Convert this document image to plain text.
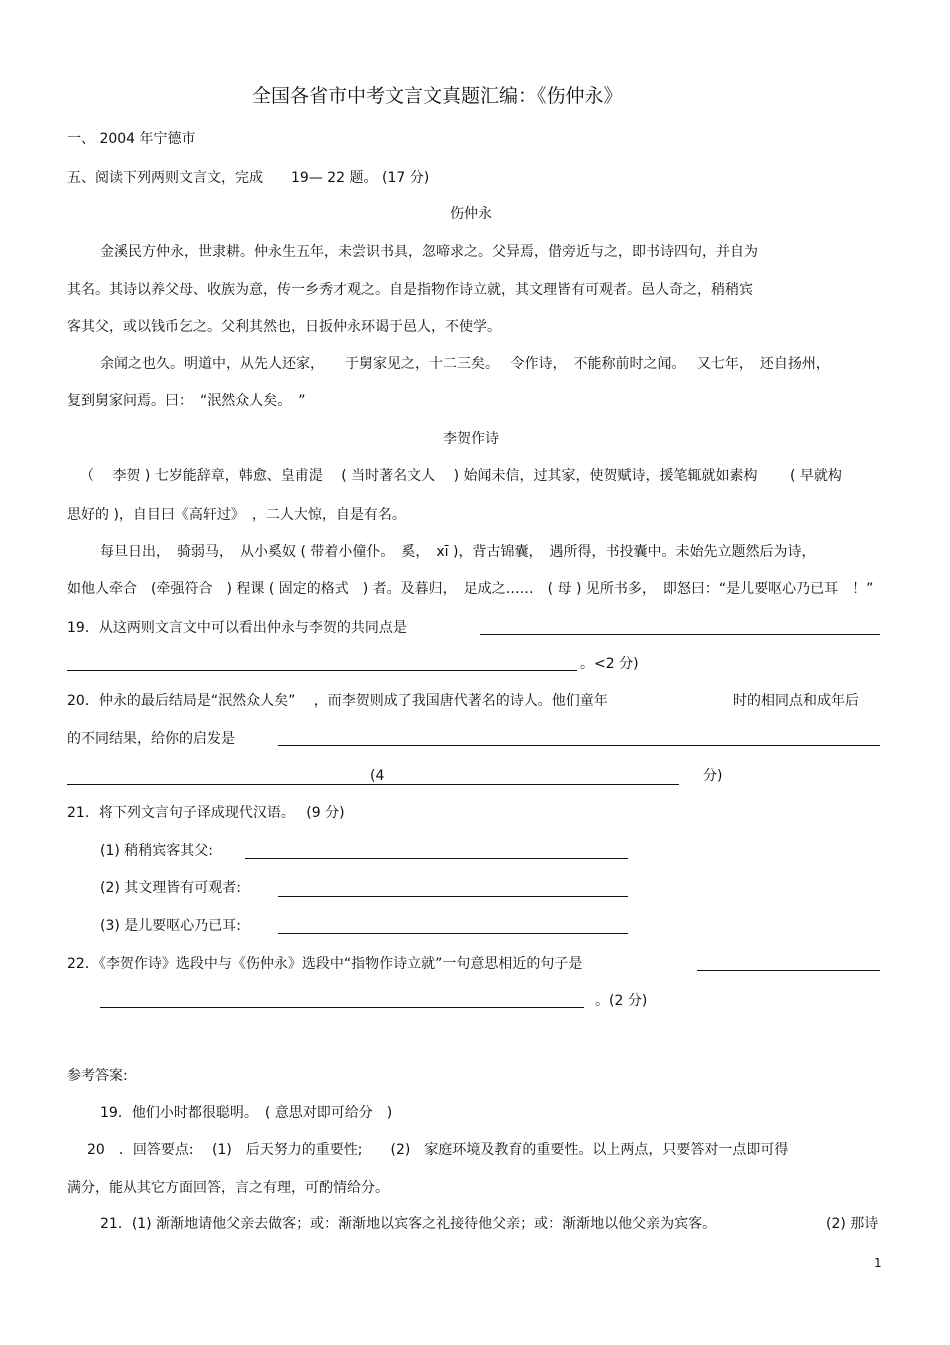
全国各省市中考文言文真题汇编：《伤仲永》
一、 2004 年宁德市
五、阅读下列两则文言文，完成　　19— 22 题。 (17 分)
伤仲永
金溪民方仲永，世隶耕。仲永生五年，未尝识书具，忽啼求之。父异焉，借旁近与之，即书诗四句，并自为
其名。其诗以养父母、收族为意，传一乡秀才观之。自是指物作诗立就，其文理皆有可观者。邑人奇之，稍稍宾
客其父，或以钱币乞之。父利其然也，日扳仲永环谒于邑人，不使学。
余闻之也久。明道中，从先人还家，　　于舅家见之，十二三矣。　 令作诗，　不能称前时之闻。　 又七年，　还自扬州，
复到舅家问焉。曰：　“泯然众人矣。　”
李贺作诗
（　 李贺 ) 七岁能辞章，韩愈、皇甫湜　 ( 当时著名文人　 ) 始闻未信，过其家，使贺赋诗，援笔辄就如素构　　 ( 早就构
思好的 )，自目曰《高轩过》　，二人大惊，自是有名。
每旦日出，　骑弱马，　从小奚奴 ( 带着小僮仆。　奚，　xī )，背古锦囊，　遇所得，书投囊中。未始先立题然后为诗，
如他人牵合　(牵强符合　) 程课 ( 固定的格式　) 者。及暮归，　足成之……　( 母 ) 见所书多，　即怒曰：“是儿要呕心乃已耳　！”
19．从这两则文言文中可以看出仲永与李贺的共同点是
。<2 分)
20．仲永的最后结局是“泯然众人矣”　 ，而李贺则成了我国唐代著名的诗人。他们童年	时的相同点和成年后
的不同结果，给你的启发是
(4	分)
21．将下列文言句子译成现代汉语。　 (9 分)
(1) 稍稍宾客其父:
(2) 其文理皆有可观者:
(3) 是儿要呕心乃已耳:
22．《李贺作诗》选段中与《伤仲永》选段中“指物作诗立就”一句意思相近的句子是
。(2 分)
参考答案:
19．他们小时都很聪明。　( 意思对即可给分　)
20　．回答要点:　 (1)　后天努力的重要性;　　(2)　家庭环境及教育的重要性。以上两点，只要答对一点即可得
满分，能从其它方面回答，言之有理，可酌情给分。
21．(1) 渐渐地请他父亲去做客；或：渐渐地以宾客之礼接待他父亲；或：渐渐地以他父亲为宾客。	(2) 那诗
1
